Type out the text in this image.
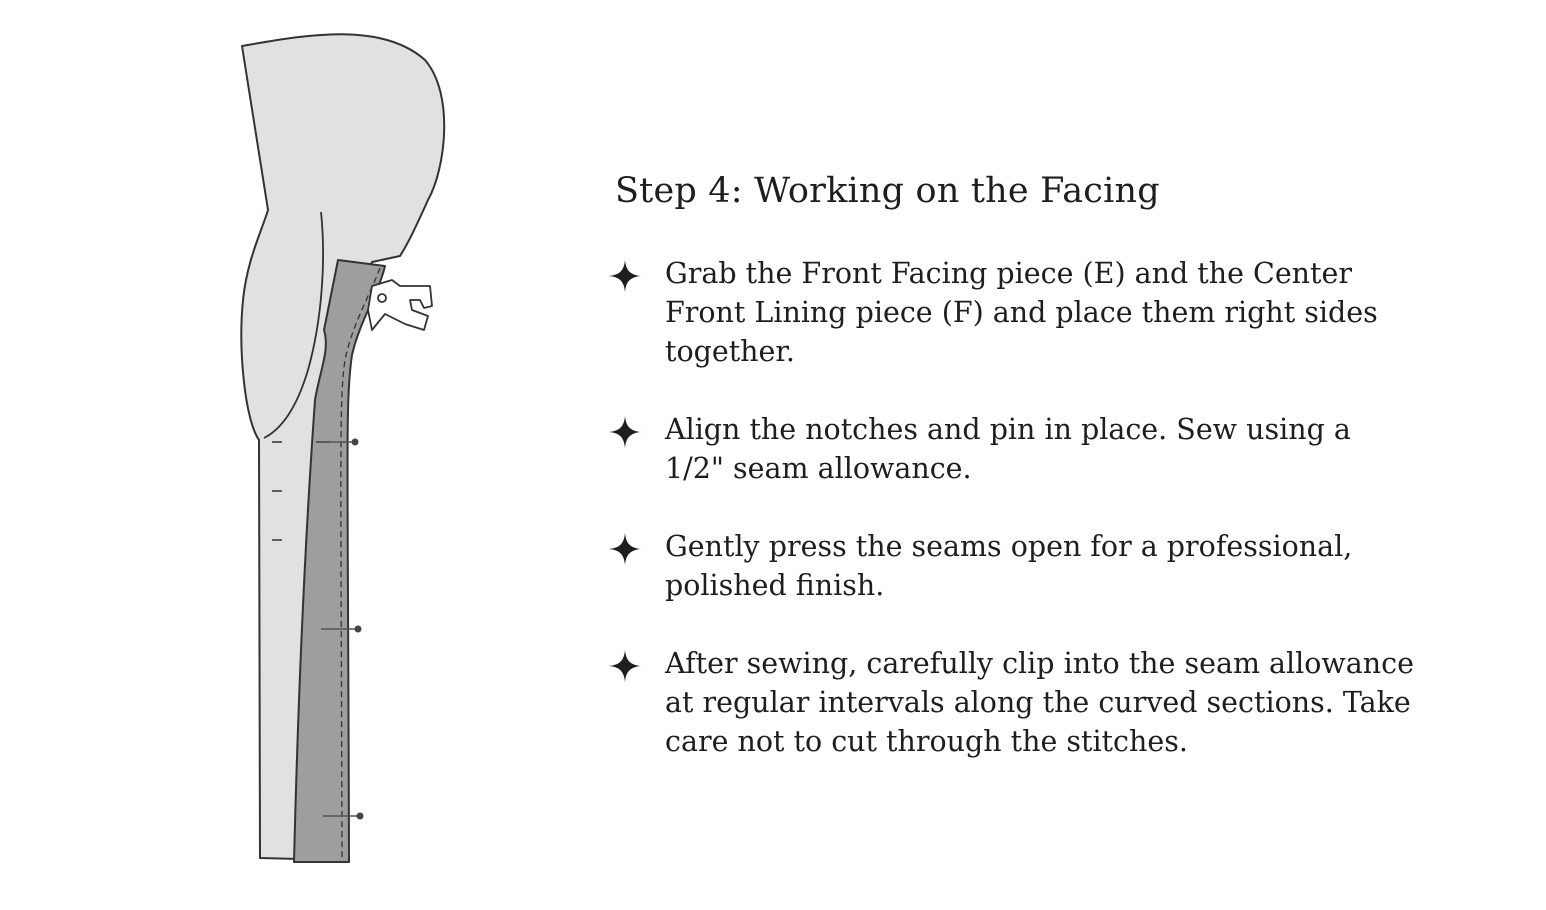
Step 4: Working on the Facing
Grab the Front Facing piece (E) and the Center Front Lining piece (F) and place them right sides together.
Align the notches and pin in place. Sew using a 1/2" seam allowance.
Gently press the seams open for a professional, polished finish.
After sewing, carefully clip into the seam allowance at regular intervals along the curved sections. Take care not to cut through the stitches.
